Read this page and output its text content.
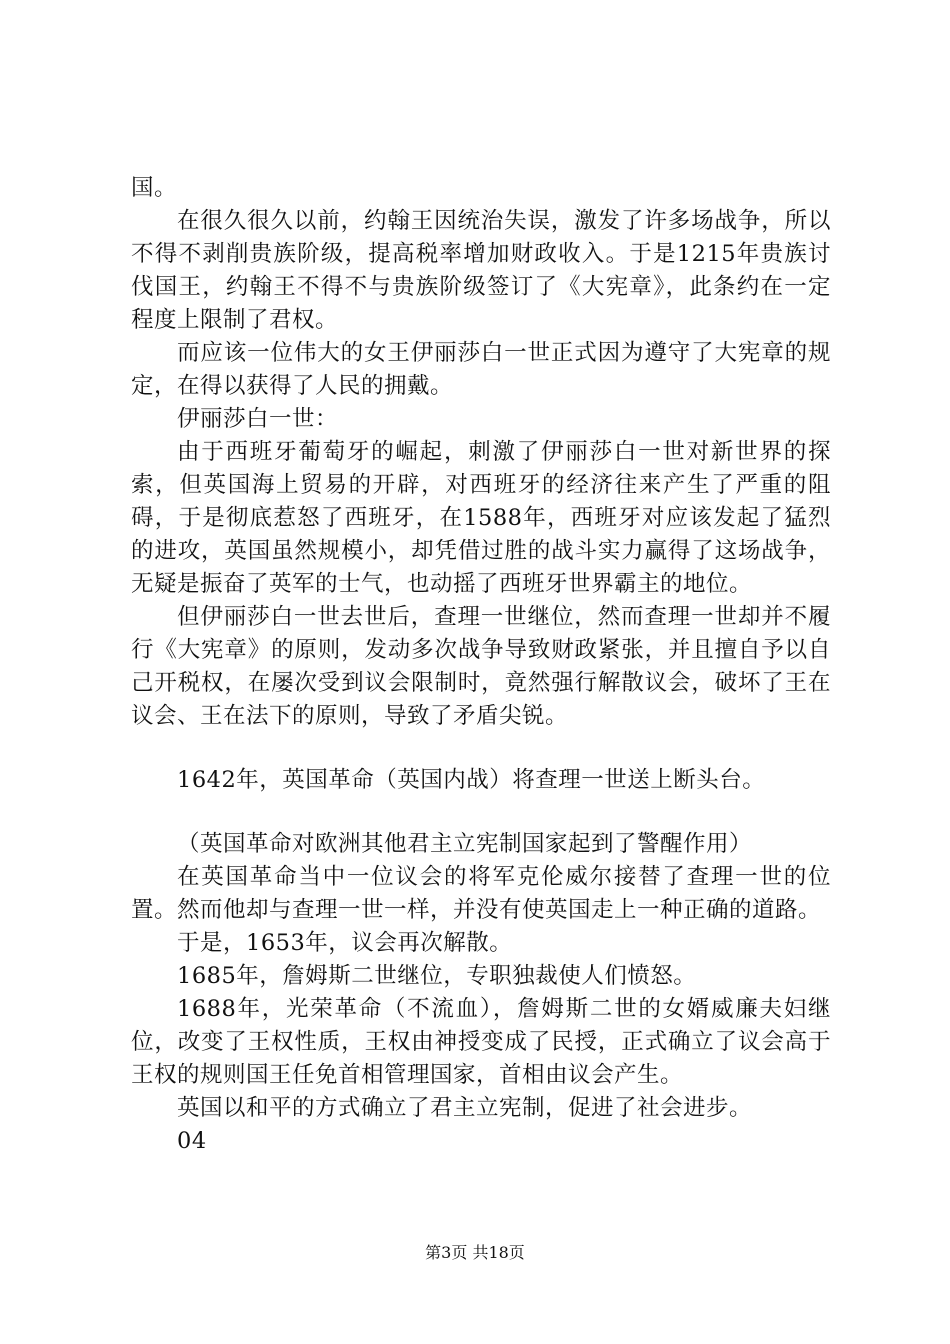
国。

在很久很久以前，约翰王因统治失误，激发了许多场战争，所以不得不剥削贵族阶级，提高税率增加财政收入。于是1215年贵族讨伐国王，约翰王不得不与贵族阶级签订了《大宪章》，此条约在一定程度上限制了君权。

而应该一位伟大的女王伊丽莎白一世正式因为遵守了大宪章的规定，在得以获得了人民的拥戴。

伊丽莎白一世：

由于西班牙葡萄牙的崛起，刺激了伊丽莎白一世对新世界的探索，但英国海上贸易的开辟，对西班牙的经济往来产生了严重的阻碍，于是彻底惹怒了西班牙，在1588年，西班牙对应该发起了猛烈的进攻，英国虽然规模小，却凭借过胜的战斗实力赢得了这场战争，无疑是振奋了英军的士气，也动摇了西班牙世界霸主的地位。

但伊丽莎白一世去世后，查理一世继位，然而查理一世却并不履行《大宪章》的原则，发动多次战争导致财政紧张，并且擅自予以自己开税权，在屡次受到议会限制时，竟然强行解散议会，破坏了王在议会、王在法下的原则，导致了矛盾尖锐。

1642年，英国革命（英国内战）将查理一世送上断头台。

（英国革命对欧洲其他君主立宪制国家起到了警醒作用）

在英国革命当中一位议会的将军克伦威尔接替了查理一世的位置。然而他却与查理一世一样，并没有使英国走上一种正确的道路。

于是，1653年，议会再次解散。

1685年，詹姆斯二世继位，专职独裁使人们愤怒。

1688年，光荣革命（不流血），詹姆斯二世的女婿威廉夫妇继位，改变了王权性质，王权由神授变成了民授，正式确立了议会高于王权的规则国王任免首相管理国家，首相由议会产生。

英国以和平的方式确立了君主立宪制，促进了社会进步。

04

第3页 共18页
